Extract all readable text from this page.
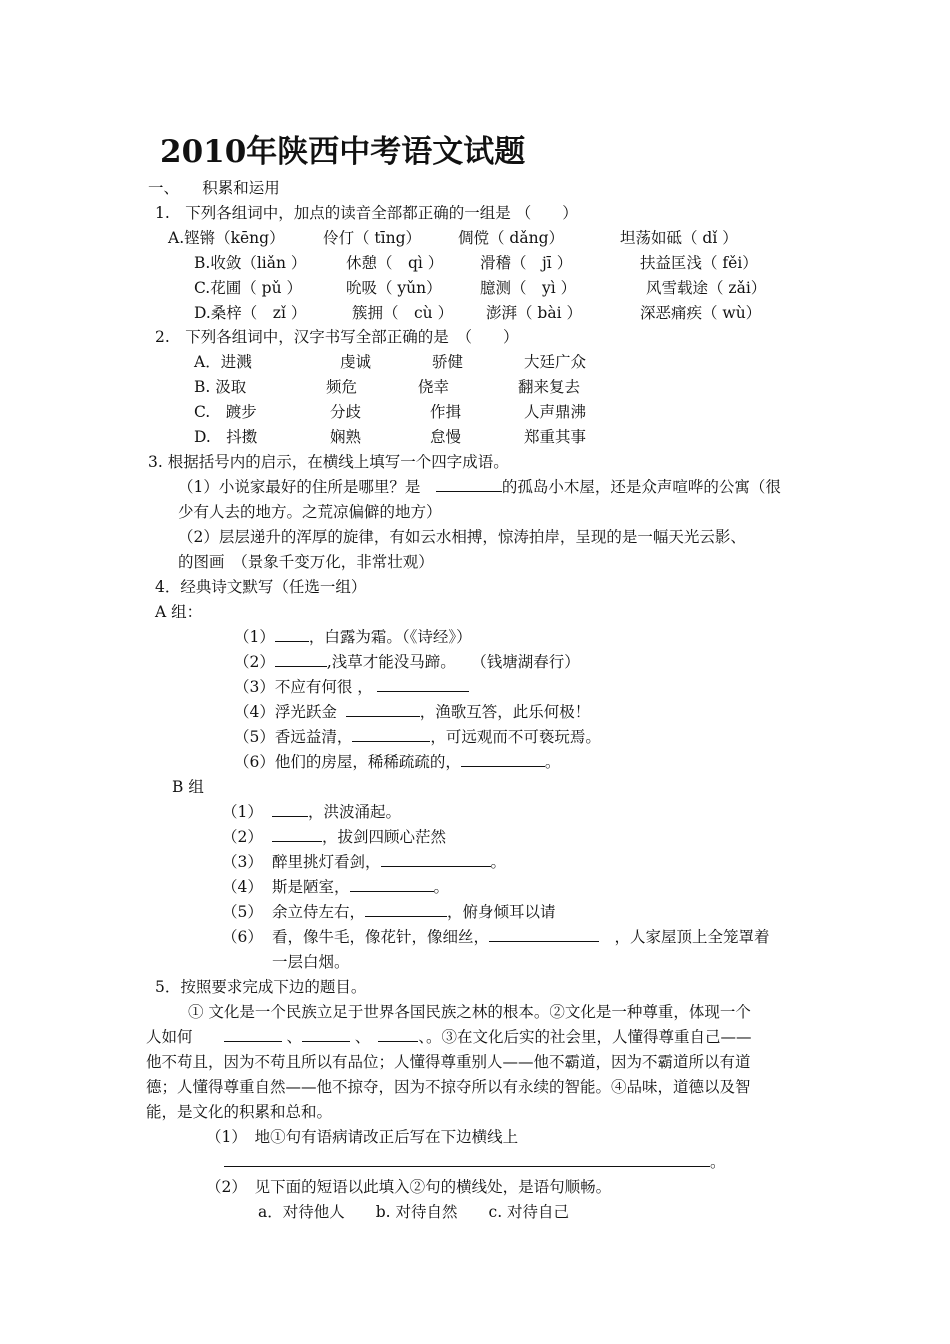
2010年陕西中考语文试题
一、　　积累和运用
1.　下列各组词中，加点的读音全部都正确的一组是 （　　）
A.铿锵（kēng） 伶仃（ tīng） 倜傥（ dǎng）	坦荡如砥（ dǐ ）
B.收敛（liǎn ）	休憩（　qì ） 滑稽（　jī ）	扶益匡浅（ fěi）
C.花圃（ pǔ ）	吮吸（ yǔn） 臆测（　yì ）	风雪载途（ zǎi）
D.桑梓（　zǐ ）	簇拥（　cù ） 澎湃（ bài ）	深恶痛疾（ wù）
2.　下列各组词中，汉字书写全部正确的是　（　　）
A．进溅	虔诚	骄健	大廷广众
B. 汲取	频危	侥幸	翻来复去
C.　踱步	分歧	作揖	人声鼎沸
D.　抖擞	娴熟	怠慢	郑重其事
3. 根据括号内的启示，在横线上填写一个四字成语。
（1）小说家最好的住所是哪里？是　	的孤岛小木屋，还是众声喧哗的公寓（很
少有人去的地方。之荒凉偏僻的地方）
（2）层层递升的浑厚的旋律，有如云水相搏，惊涛拍岸，呈现的是一幅天光云影、
的图画　（景象千变万化，非常壮观）
4．经典诗文默写（任选一组）
A 组：
（1） ，白露为霜。（《诗经》）
（2）	,浅草才能没马蹄。　　（钱塘湖春行）
（3）不应有何很 ，
（4）浮光跃金	，渔歌互答，此乐何极！
（5）香远益清，	，可远观而不可亵玩焉。
（6）他们的房屋，稀稀疏疏的，	。
B 组
（1）	，洪波涌起。
（2）	，拔剑四顾心茫然
（3） 醉里挑灯看剑，	。
（4） 斯是陋室，	。
（5） 余立侍左右，	，俯身倾耳以请
（6） 看，像牛毛，像花针，像细丝，	　，人家屋顶上全笼罩着
一层白烟。
5．按照要求完成下边的题目。
① 文化是一个民族立足于世界各国民族之林的根本。②文化是一种尊重，体现一个
人如何　　	、	、　	、。③在文化后实的社会里，人懂得尊重自己——
他不苟且，因为不苟且所以有品位；人懂得尊重别人——他不霸道，因为不霸道所以有道
德；人懂得尊重自然——他不掠夺，因为不掠夺所以有永续的智能。④品味，道德以及智
能，是文化的积累和总和。
（1）　地①句有语病请改正后写在下边横线上
。
（2）　见下面的短语以此填入②句的横线处，是语句顺畅。
a．对待他人　　b. 对待自然　　c. 对待自己
